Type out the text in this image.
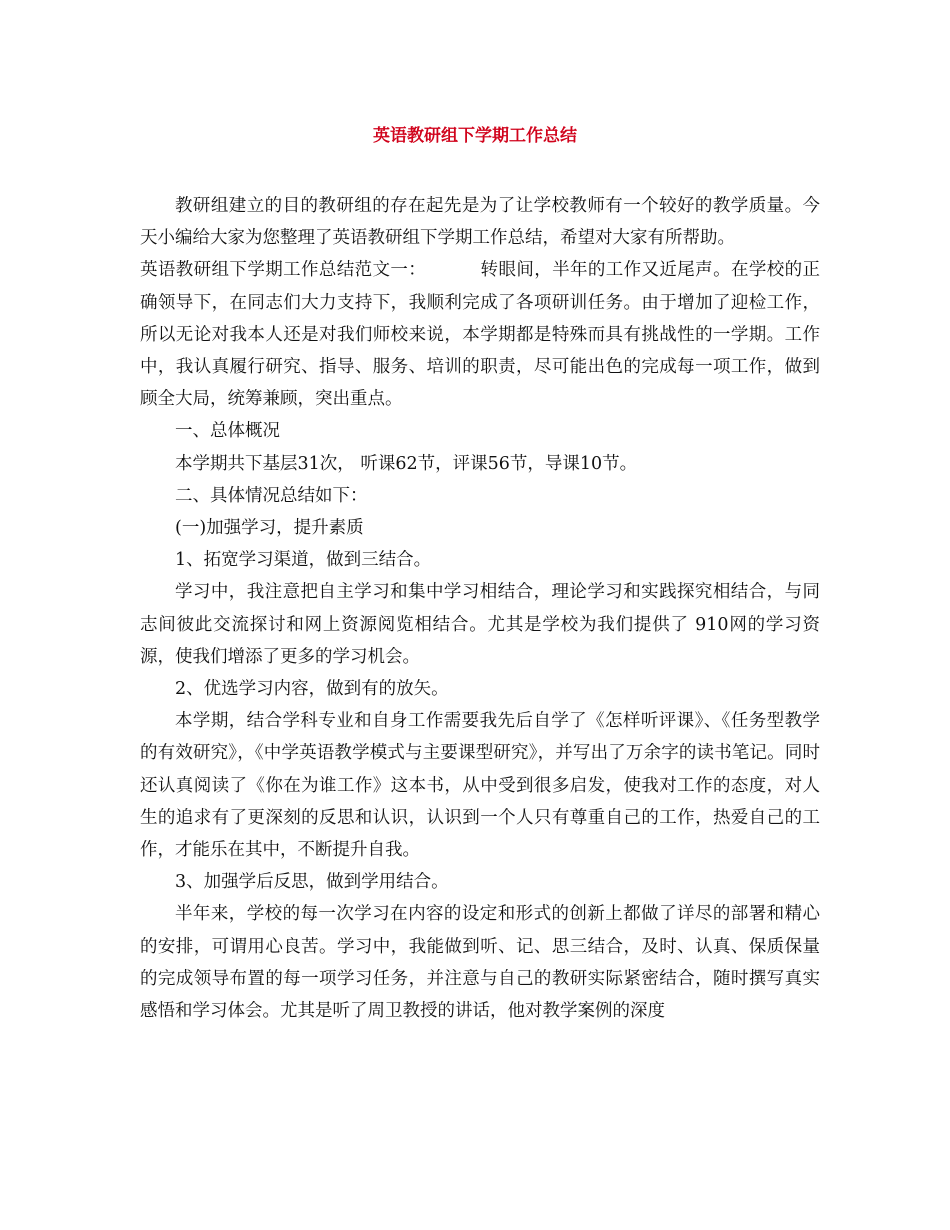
英语教研组下学期工作总结

教研组建立的目的教研组的存在起先是为了让学校教师有一个较好的教学质量。今天小编给大家为您整理了英语教研组下学期工作总结，希望对大家有所帮助。

英语教研组下学期工作总结范文一：	转眼间，半年的工作又近尾声。在学校的正确领导下，在同志们大力支持下，我顺利完成了各项研训任务。由于增加了迎检工作，所以无论对我本人还是对我们师校来说，本学期都是特殊而具有挑战性的一学期。工作中，我认真履行研究、指导、服务、培训的职责，尽可能出色的完成每一项工作，做到顾全大局，统筹兼顾，突出重点。

一、总体概况

本学期共下基层31次， 听课62节，评课56节，导课10节。

二、具体情况总结如下：

(一)加强学习，提升素质

1、拓宽学习渠道，做到三结合。

学习中，我注意把自主学习和集中学习相结合，理论学习和实践探究相结合，与同志间彼此交流探讨和网上资源阅览相结合。尤其是学校为我们提供了 910网的学习资源，使我们增添了更多的学习机会。

2、优选学习内容，做到有的放矢。

本学期，结合学科专业和自身工作需要我先后自学了《怎样听评课》、《任务型教学的有效研究》，《中学英语教学模式与主要课型研究》，并写出了万余字的读书笔记。同时还认真阅读了《你在为谁工作》这本书，从中受到很多启发，使我对工作的态度，对人生的追求有了更深刻的反思和认识，认识到一个人只有尊重自己的工作，热爱自己的工作，才能乐在其中，不断提升自我。

3、加强学后反思，做到学用结合。

半年来，学校的每一次学习在内容的设定和形式的创新上都做了详尽的部署和精心的安排，可谓用心良苦。学习中，我能做到听、记、思三结合，及时、认真、保质保量的完成领导布置的每一项学习任务，并注意与自己的教研实际紧密结合，随时撰写真实感悟和学习体会。尤其是听了周卫教授的讲话，他对教学案例的深度
